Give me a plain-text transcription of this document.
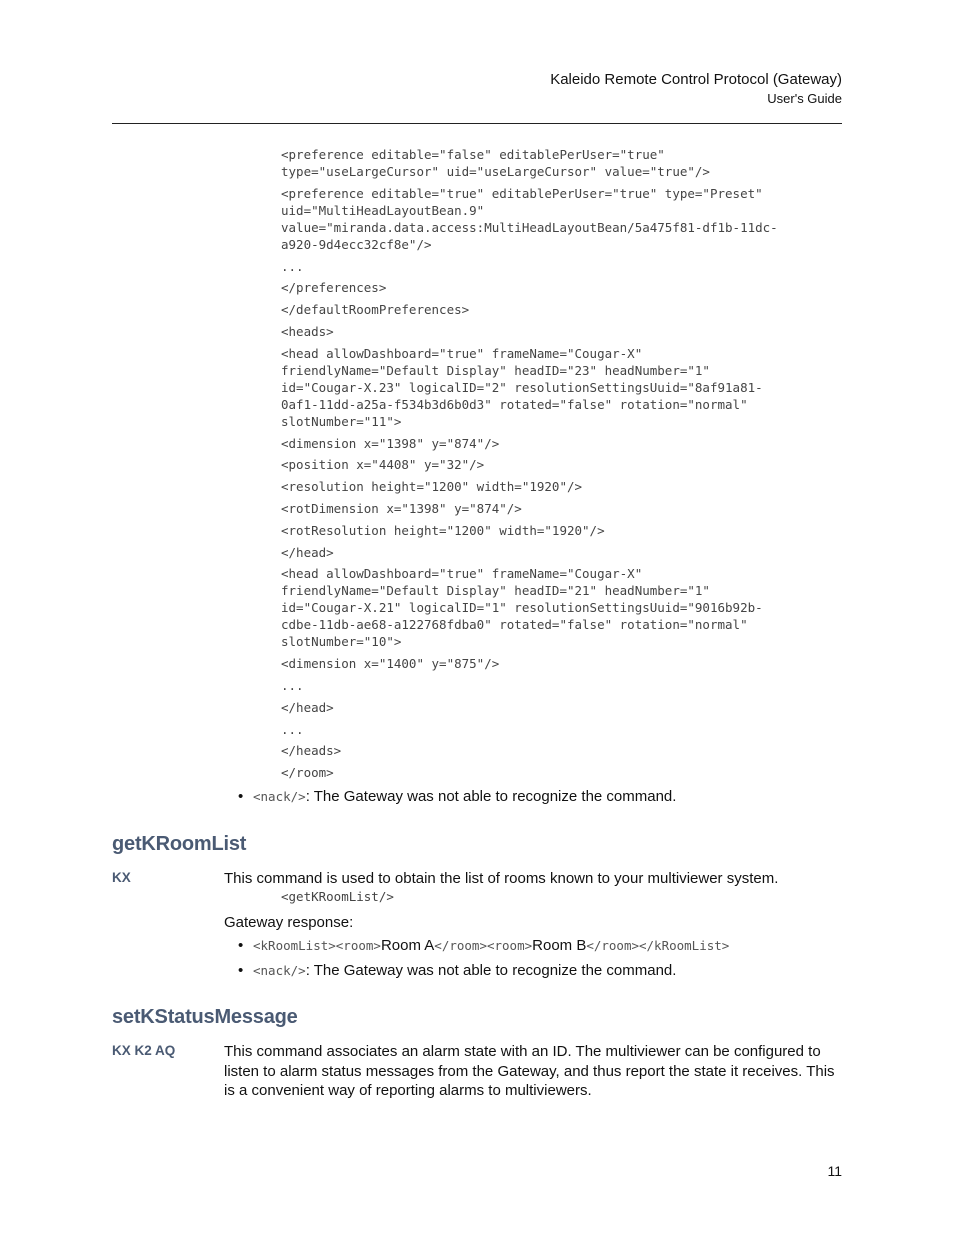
Kaleido Remote Control Protocol (Gateway)
User's Guide
<preference editable="false" editablePerUser="true"
type="useLargeCursor" uid="useLargeCursor" value="true"/>
<preference editable="true" editablePerUser="true" type="Preset"
uid="MultiHeadLayoutBean.9"
value="miranda.data.access:MultiHeadLayoutBean/5a475f81-df1b-11dc-
a920-9d4ecc32cf8e"/>
...
</preferences>
</defaultRoomPreferences>
<heads>
<head allowDashboard="true" frameName="Cougar-X"
friendlyName="Default Display" headID="23" headNumber="1"
id="Cougar-X.23" logicalID="2" resolutionSettingsUuid="8af91a81-
0af1-11dd-a25a-f534b3d6b0d3" rotated="false" rotation="normal"
slotNumber="11">
<dimension x="1398" y="874"/>
<position x="4408" y="32"/>
<resolution height="1200" width="1920"/>
<rotDimension x="1398" y="874"/>
<rotResolution height="1200" width="1920"/>
</head>
<head allowDashboard="true" frameName="Cougar-X"
friendlyName="Default Display" headID="21" headNumber="1"
id="Cougar-X.21" logicalID="1" resolutionSettingsUuid="9016b92b-
cdbe-11db-ae68-a122768fdba0" rotated="false" rotation="normal"
slotNumber="10">
<dimension x="1400" y="875"/>
...
</head>
...
</heads>
</room>
• <nack/>: The Gateway was not able to recognize the command.
getKRoomList
KX	This command is used to obtain the list of rooms known to your multiviewer system.
<getKRoomList/>
Gateway response:
• <kRoomList><room>Room A</room><room>Room B</room></kRoomList>
• <nack/>: The Gateway was not able to recognize the command.
setKStatusMessage
KX K2 AQ	This command associates an alarm state with an ID. The multiviewer can be configured to
listen to alarm status messages from the Gateway, and thus report the state it receives. This
is a convenient way of reporting alarms to multiviewers.
11
